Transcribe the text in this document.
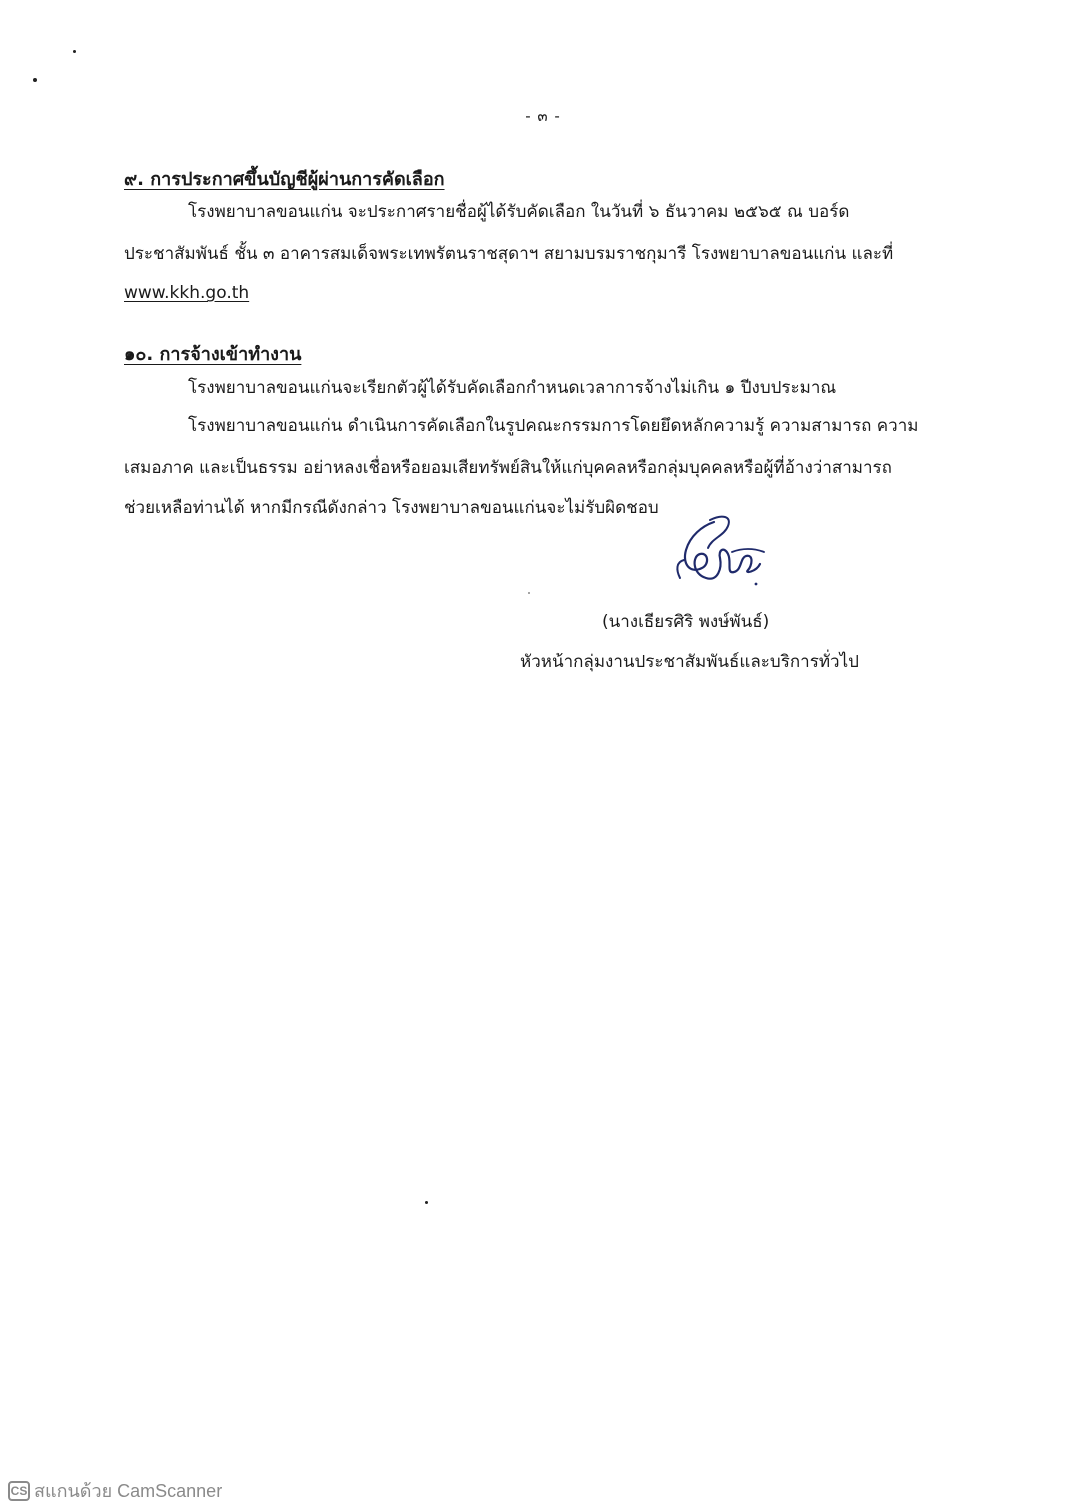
- ๓ -
๙. การประกาศขึ้นบัญชีผู้ผ่านการคัดเลือก
โรงพยาบาลขอนแก่น จะประกาศรายชื่อผู้ได้รับคัดเลือก ในวันที่ ๖ ธันวาคม ๒๕๖๕ ณ บอร์ด
ประชาสัมพันธ์ ชั้น ๓ อาคารสมเด็จพระเทพรัตนราชสุดาฯ สยามบรมราชกุมารี โรงพยาบาลขอนแก่น และที่
www.kkh.go.th
๑๐. การจ้างเข้าทำงาน
โรงพยาบาลขอนแก่นจะเรียกตัวผู้ได้รับคัดเลือกกำหนดเวลาการจ้างไม่เกิน ๑ ปีงบประมาณ
โรงพยาบาลขอนแก่น ดำเนินการคัดเลือกในรูปคณะกรรมการโดยยึดหลักความรู้ ความสามารถ ความ
เสมอภาค และเป็นธรรม อย่าหลงเชื่อหรือยอมเสียทรัพย์สินให้แก่บุคคลหรือกลุ่มบุคคลหรือผู้ที่อ้างว่าสามารถ
ช่วยเหลือท่านได้ หากมีกรณีดังกล่าว โรงพยาบาลขอนแก่นจะไม่รับผิดชอบ
(นางเธียรศิริ พงษ์พันธ์)
หัวหน้ากลุ่มงานประชาสัมพันธ์และบริการทั่วไป
CS สแกนด้วย CamScanner
